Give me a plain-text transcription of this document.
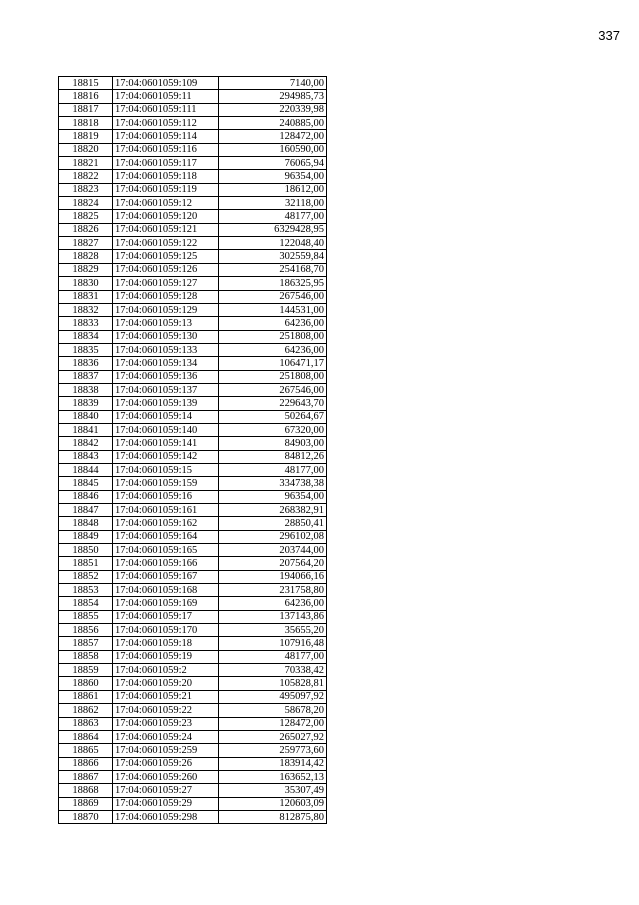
337
18815	17:04:0601059:109	7140,00
18816	17:04:0601059:11	294985,73
18817	17:04:0601059:111	220339,98
18818	17:04:0601059:112	240885,00
18819	17:04:0601059:114	128472,00
18820	17:04:0601059:116	160590,00
18821	17:04:0601059:117	76065,94
18822	17:04:0601059:118	96354,00
18823	17:04:0601059:119	18612,00
18824	17:04:0601059:12	32118,00
18825	17:04:0601059:120	48177,00
18826	17:04:0601059:121	6329428,95
18827	17:04:0601059:122	122048,40
18828	17:04:0601059:125	302559,84
18829	17:04:0601059:126	254168,70
18830	17:04:0601059:127	186325,95
18831	17:04:0601059:128	267546,00
18832	17:04:0601059:129	144531,00
18833	17:04:0601059:13	64236,00
18834	17:04:0601059:130	251808,00
18835	17:04:0601059:133	64236,00
18836	17:04:0601059:134	106471,17
18837	17:04:0601059:136	251808,00
18838	17:04:0601059:137	267546,00
18839	17:04:0601059:139	229643,70
18840	17:04:0601059:14	50264,67
18841	17:04:0601059:140	67320,00
18842	17:04:0601059:141	84903,00
18843	17:04:0601059:142	84812,26
18844	17:04:0601059:15	48177,00
18845	17:04:0601059:159	334738,38
18846	17:04:0601059:16	96354,00
18847	17:04:0601059:161	268382,91
18848	17:04:0601059:162	28850,41
18849	17:04:0601059:164	296102,08
18850	17:04:0601059:165	203744,00
18851	17:04:0601059:166	207564,20
18852	17:04:0601059:167	194066,16
18853	17:04:0601059:168	231758,80
18854	17:04:0601059:169	64236,00
18855	17:04:0601059:17	137143,86
18856	17:04:0601059:170	35655,20
18857	17:04:0601059:18	107916,48
18858	17:04:0601059:19	48177,00
18859	17:04:0601059:2	70338,42
18860	17:04:0601059:20	105828,81
18861	17:04:0601059:21	495097,92
18862	17:04:0601059:22	58678,20
18863	17:04:0601059:23	128472,00
18864	17:04:0601059:24	265027,92
18865	17:04:0601059:259	259773,60
18866	17:04:0601059:26	183914,42
18867	17:04:0601059:260	163652,13
18868	17:04:0601059:27	35307,49
18869	17:04:0601059:29	120603,09
18870	17:04:0601059:298	812875,80
